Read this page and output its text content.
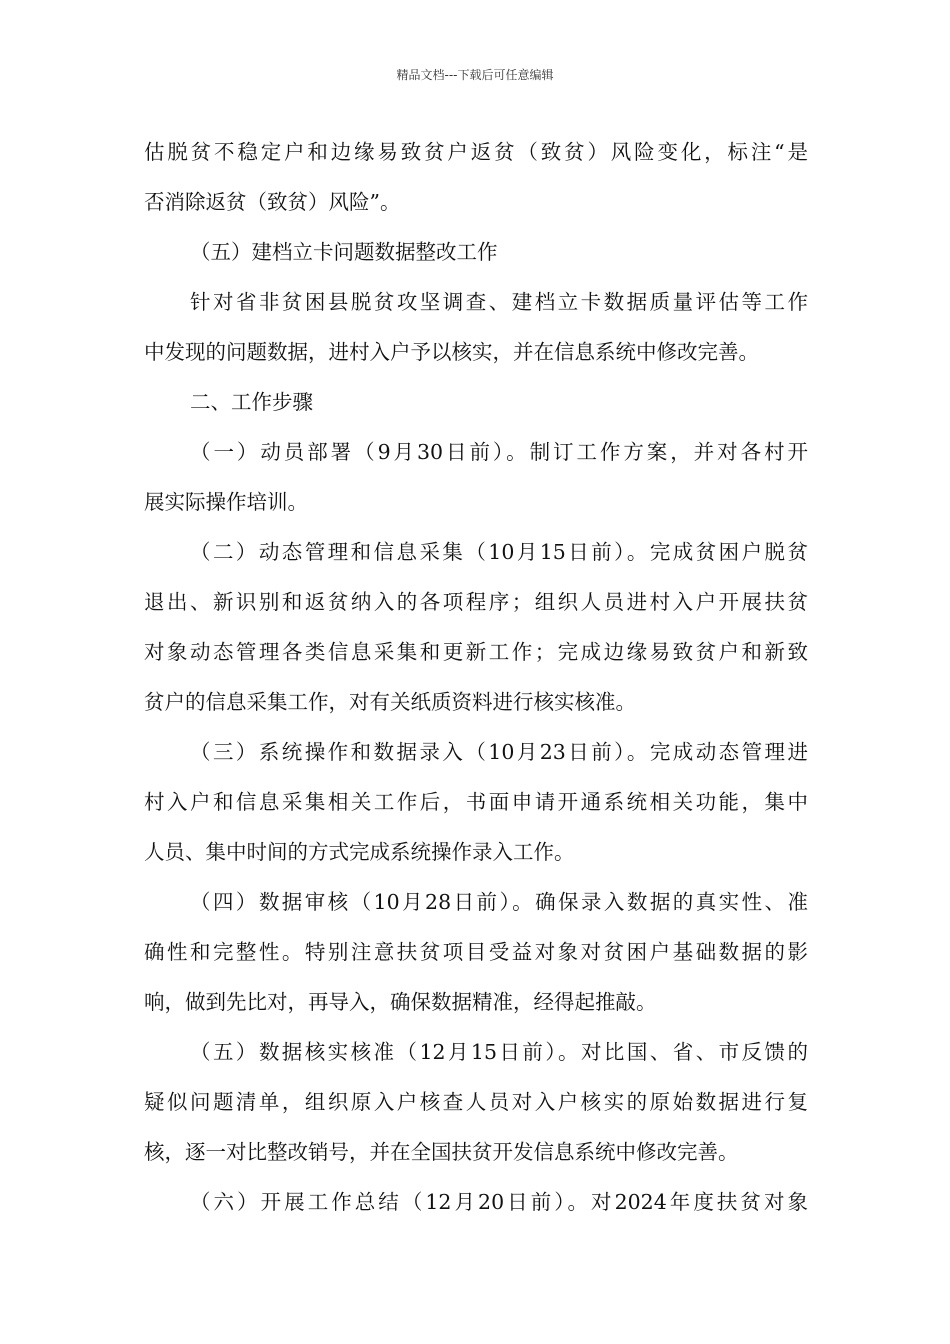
精品文档---下载后可任意编辑
估脱贫不稳定户和边缘易致贫户返贫（致贫）风险变化，标注“是
否消除返贫（致贫）风险”。
（五）建档立卡问题数据整改工作
针对省非贫困县脱贫攻坚调查、建档立卡数据质量评估等工作
中发现的问题数据，进村入户予以核实，并在信息系统中修改完善。
二、工作步骤
（一）动员部署（9月30日前）。制订工作方案，并对各村开
展实际操作培训。
（二）动态管理和信息采集（10月15日前）。完成贫困户脱贫
退出、新识别和返贫纳入的各项程序；组织人员进村入户开展扶贫
对象动态管理各类信息采集和更新工作；完成边缘易致贫户和新致
贫户的信息采集工作，对有关纸质资料进行核实核准。
（三）系统操作和数据录入（10月23日前）。完成动态管理进
村入户和信息采集相关工作后，书面申请开通系统相关功能，集中
人员、集中时间的方式完成系统操作录入工作。
（四）数据审核（10月28日前）。确保录入数据的真实性、准
确性和完整性。特别注意扶贫项目受益对象对贫困户基础数据的影
响，做到先比对，再导入，确保数据精准，经得起推敲。
（五）数据核实核准（12月15日前）。对比国、省、市反馈的
疑似问题清单，组织原入户核查人员对入户核实的原始数据进行复
核，逐一对比整改销号，并在全国扶贫开发信息系统中修改完善。
（六）开展工作总结（12月20日前）。对2024年度扶贫对象
